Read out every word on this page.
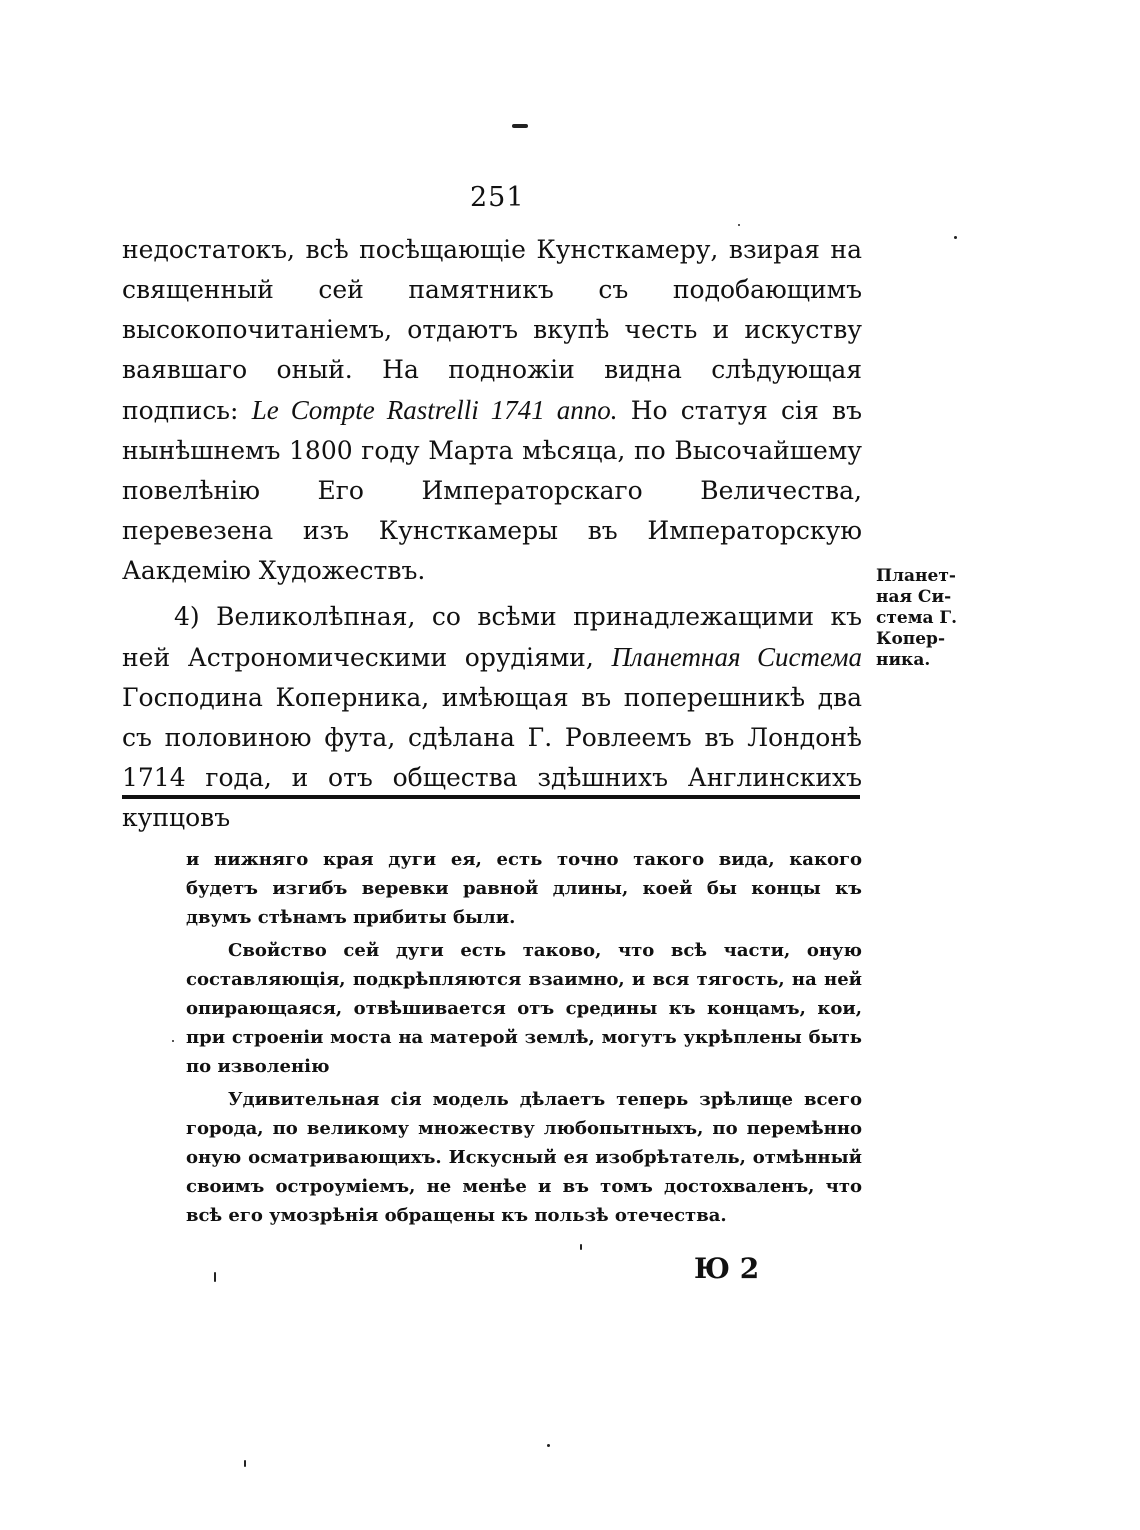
251

недостатокъ, всѣ посѣщающіе Кунсткамеру, взирая на священный сей памятникъ съ подобающимъ высокопочитаніемъ, отдаютъ вкупѣ честь и искуству ваявшаго оный. На подножіи видна слѣдующая подпись: Le Compte Rastrelli 1741 anno. Но статуя сія въ нынѣшнемъ 1800 году Марта мѣсяца, по Высочайшему повелѣнію Его Императорскаго Величества, перевезена изъ Кунсткамеры въ Императорскую Аакдемію Художествъ.

4) Великолѣпная, со всѣми принадлежащими къ ней Астрономическими орудіями, Планетная Система Господина Коперника, имѣющая въ поперешникѣ два съ половиною фута, сдѣлана Г. Ровлеемъ въ Лондонѣ 1714 года, и отъ общества здѣшнихъ Англинскихъ купцовъ

Планет-
ная Си-
стема Г.
Копер-
ника.

и нижняго края дуги ея, есть точно такого вида, какого будетъ изгибъ веревки равной длины, коей бы концы къ двумъ стѣнамъ прибиты были.

Свойство сей дуги есть таково, что всѣ части, оную составляющія, подкрѣпляются взаимно, и вся тягость, на ней опирающаяся, отвѣшивается отъ средины къ концамъ, кои, при строеніи моста на матерой землѣ, могутъ укрѣплены быть по изволенію

Удивительная сія модель дѣлаетъ теперь зрѣлище всего города, по великому множеству любопытныхъ, по перемѣнно оную осматривающихъ. Искусный ея изобрѣтатель, отмѣнный своимъ остроуміемъ, не менѣе и въ томъ достохваленъ, что всѣ его умозрѣнія обращены къ пользѣ отечества.

Ю 2
